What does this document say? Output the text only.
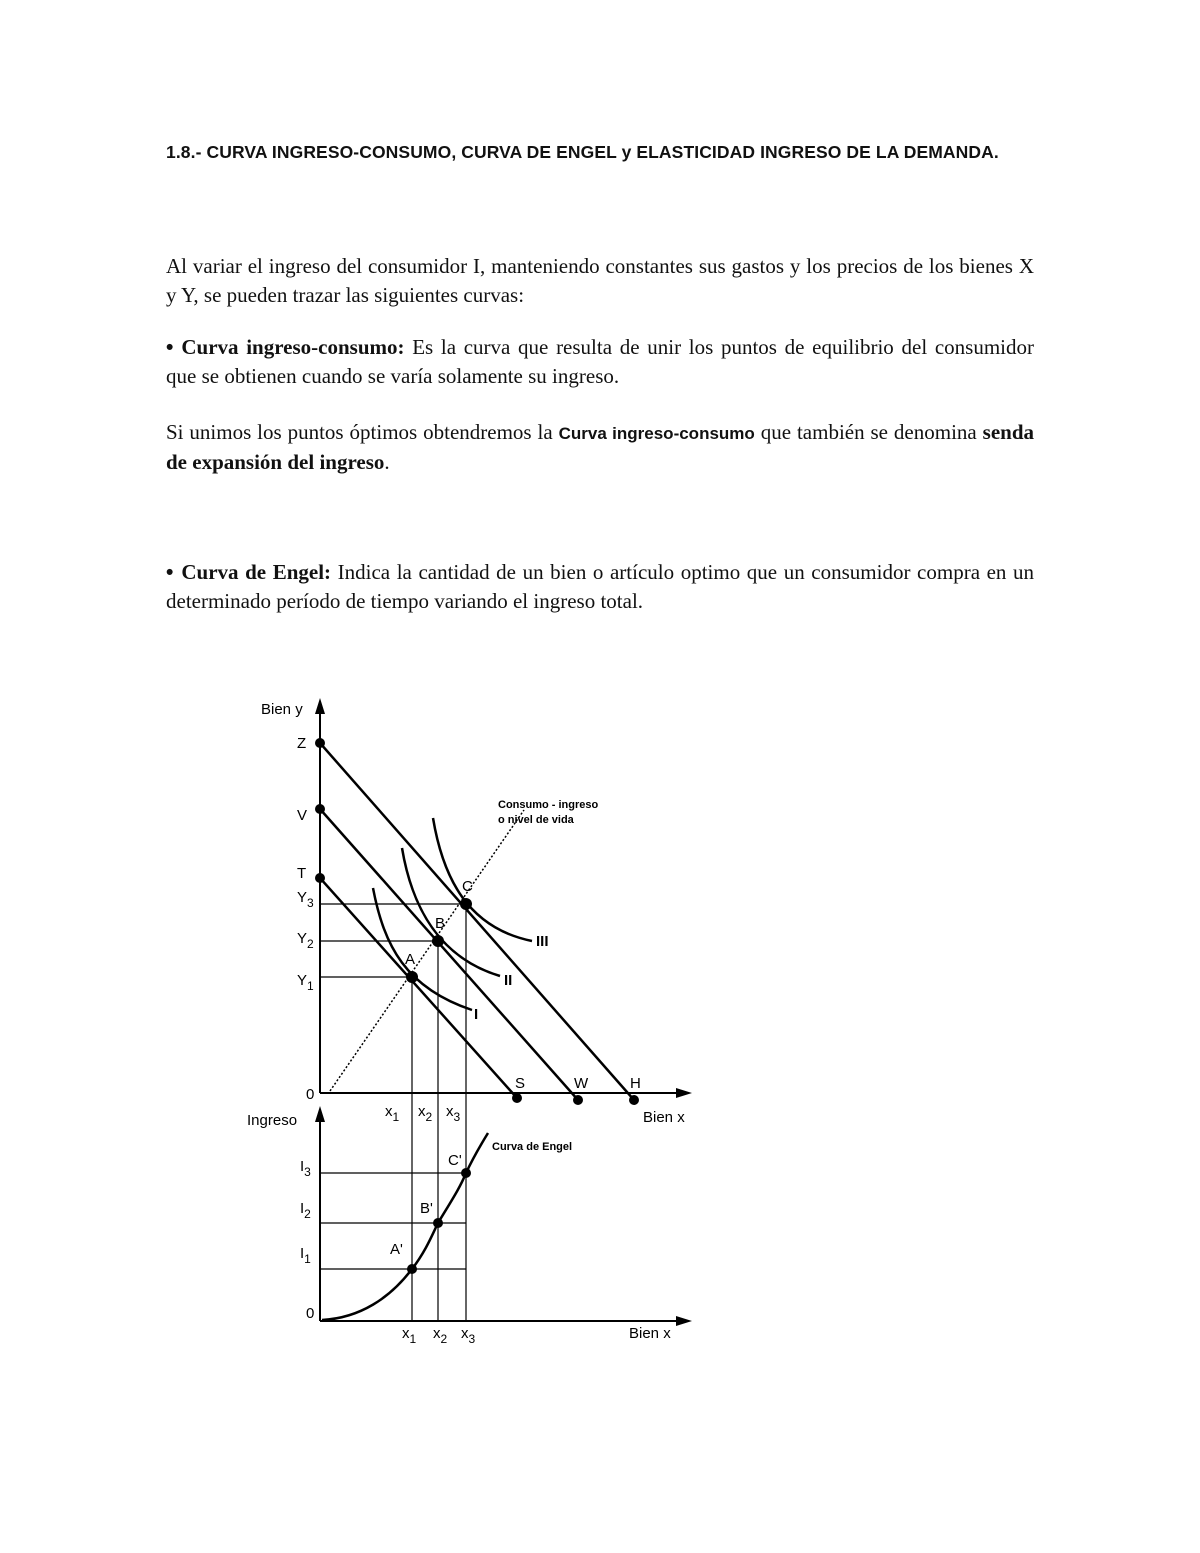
1.8.- CURVA INGRESO-CONSUMO, CURVA DE ENGEL y ELASTICIDAD INGRESO DE LA DEMANDA.

Al variar el ingreso del consumidor I, manteniendo constantes sus gastos y los precios de los bienes X y Y, se pueden trazar las siguientes curvas:

• Curva ingreso-consumo: Es la curva que resulta de unir los puntos de equilibrio del consumidor que se obtienen cuando se varía solamente su ingreso.

Si unimos los puntos óptimos obtendremos la Curva ingreso-consumo que también se denomina senda de expansión del ingreso.

• Curva de Engel: Indica la cantidad de un bien o artículo optimo que un consumidor compra en un determinado período de tiempo variando el ingreso total.

Bien y
Z
V
T
$Y_3$
$Y_2$
$Y_1$
0
C
B
A
III
II
I
S	W	H
Bien x
$x_1$ $x_2$ $x_3$
Consumo - ingreso
o nivel de vida
Curva de Engel
Ingreso
$I_3$
$I_2$
$I_1$
0
C'
B'
A'
Bien x
$x_1$ $x_2$ $x_3$
